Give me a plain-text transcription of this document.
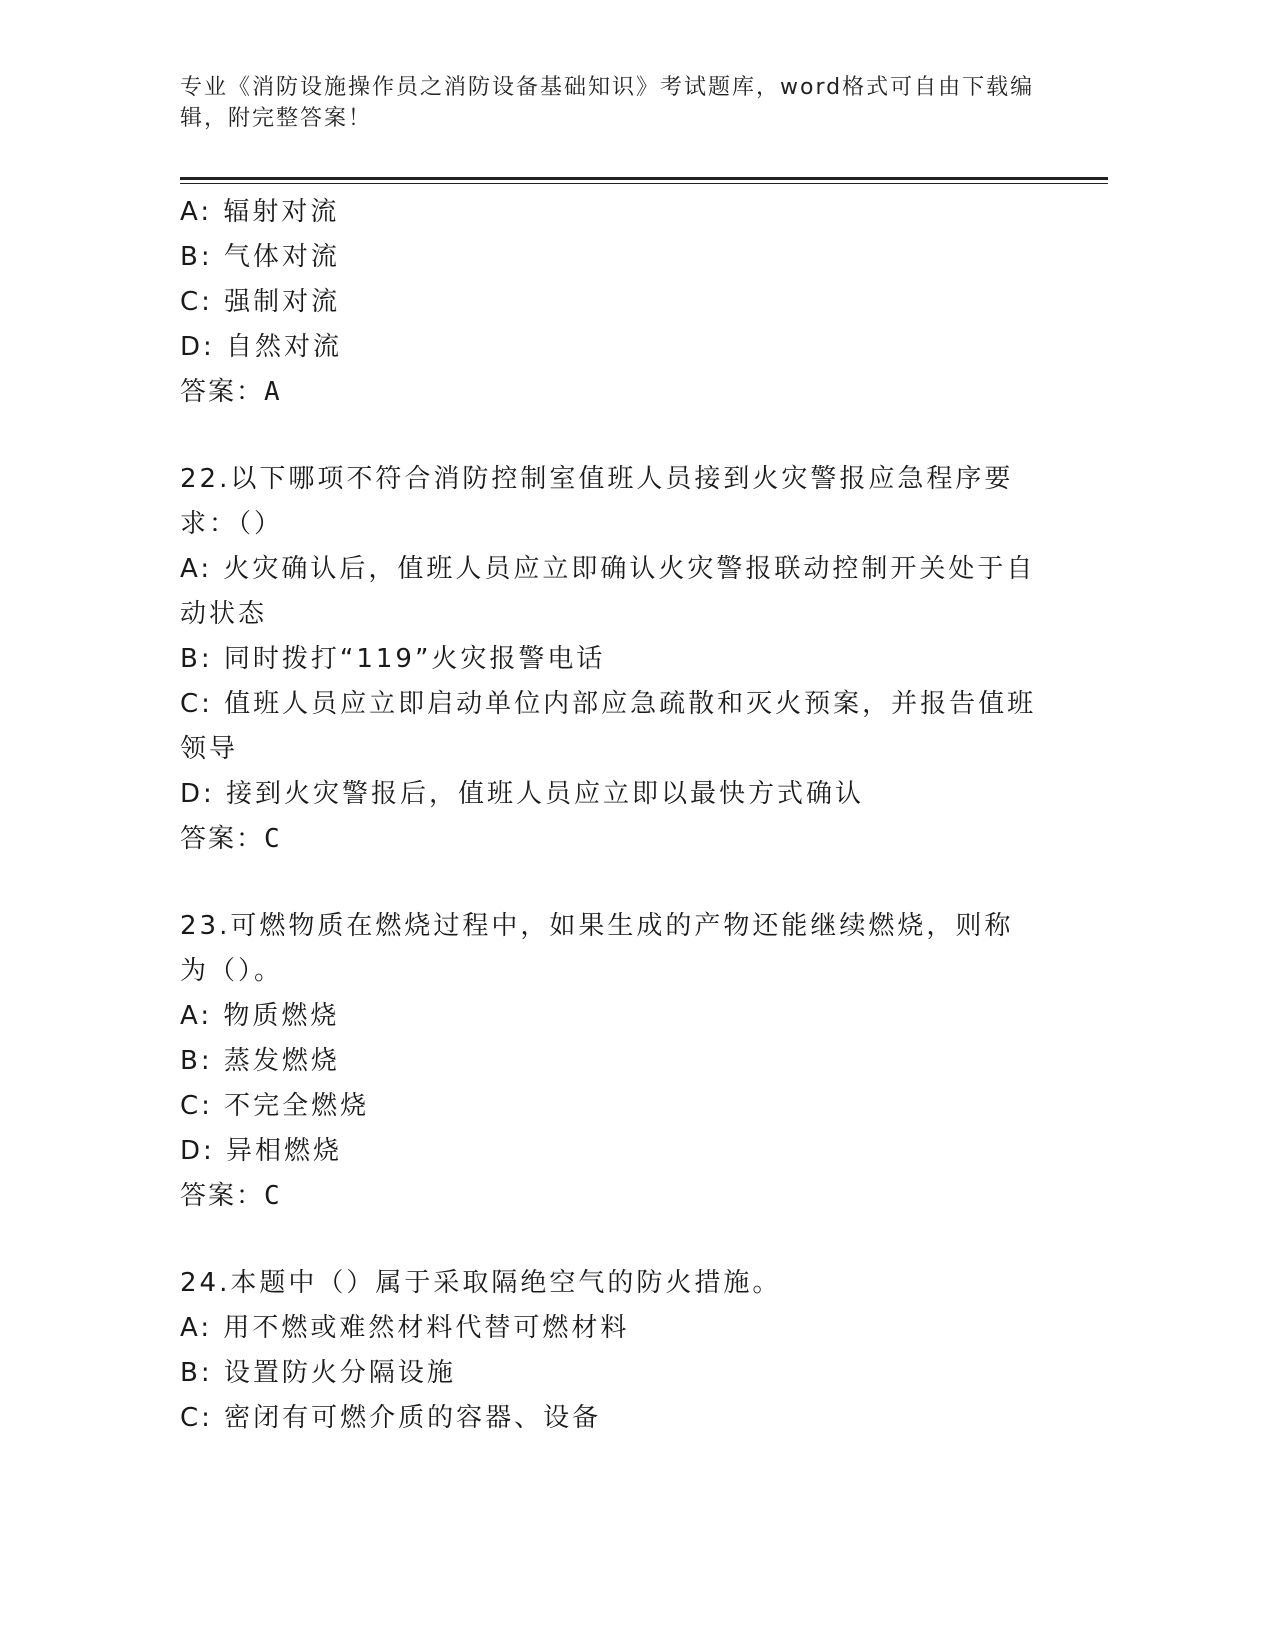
专业《消防设施操作员之消防设备基础知识》考试题库，word格式可自由下载编辑，附完整答案！
A: 辐射对流
B: 气体对流
C: 强制对流
D: 自然对流
答案：A
22.以下哪项不符合消防控制室值班人员接到火灾警报应急程序要求：（）
A: 火灾确认后，值班人员应立即确认火灾警报联动控制开关处于自动状态
B: 同时拨打“119”火灾报警电话
C: 值班人员应立即启动单位内部应急疏散和灭火预案，并报告值班领导
D: 接到火灾警报后，值班人员应立即以最快方式确认
答案：C
23.可燃物质在燃烧过程中，如果生成的产物还能继续燃烧，则称为（）。
A: 物质燃烧
B: 蒸发燃烧
C: 不完全燃烧
D: 异相燃烧
答案：C
24.本题中（）属于采取隔绝空气的防火措施。
A: 用不燃或难然材料代替可燃材料
B: 设置防火分隔设施
C: 密闭有可燃介质的容器、设备
